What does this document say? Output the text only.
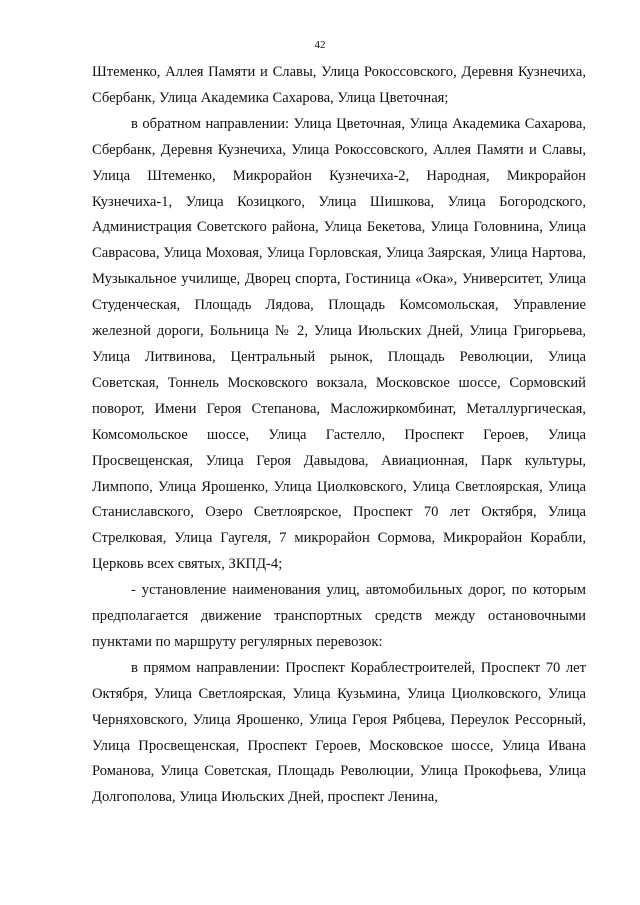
42

Штеменко, Аллея Памяти и Славы, Улица Рокоссовского, Деревня Кузнечиха, Сбербанк, Улица Академика Сахарова, Улица Цветочная;

в обратном направлении: Улица Цветочная, Улица Академика Сахарова, Сбербанк, Деревня Кузнечиха, Улица Рокоссовского, Аллея Памяти и Славы, Улица Штеменко, Микрорайон Кузнечиха-2, Народная, Микрорайон Кузнечиха-1, Улица Козицкого, Улица Шишкова, Улица Богородского, Администрация Советского района, Улица Бекетова, Улица Головнина, Улица Саврасова, Улица Моховая, Улица Горловская, Улица Заярская, Улица Нартова, Музыкальное училище, Дворец спорта, Гостиница «Ока», Университет, Улица Студенческая, Площадь Лядова, Площадь Комсомольская, Управление железной дороги, Больница № 2, Улица Июльских Дней, Улица Григорьева, Улица Литвинова, Центральный рынок, Площадь Революции, Улица Советская, Тоннель Московского вокзала, Московское шоссе, Сормовский поворот, Имени Героя Степанова, Масложиркомбинат, Металлургическая, Комсомольское шоссе, Улица Гастелло, Проспект Героев, Улица Просвещенская, Улица Героя Давыдова, Авиационная, Парк культуры, Лимпопо, Улица Ярошенко, Улица Циолковского, Улица Светлоярская, Улица Станиславского, Озеро Светлоярское, Проспект 70 лет Октября, Улица Стрелковая, Улица Гаугеля, 7 микрорайон Сормова, Микрорайон Корабли, Церковь всех святых, ЗКПД-4;

- установление наименования улиц, автомобильных дорог, по которым предполагается движение транспортных средств между остановочными пунктами по маршруту регулярных перевозок:

в прямом направлении: Проспект Кораблестроителей, Проспект 70 лет Октября, Улица Светлоярская, Улица Кузьмина, Улица Циолковского, Улица Черняховского, Улица Ярошенко, Улица Героя Рябцева, Переулок Рессорный, Улица Просвещенская, Проспект Героев, Московское шоссе, Улица Ивана Романова, Улица Советская, Площадь Революции, Улица Прокофьева, Улица Долгополова, Улица Июльских Дней, проспект Ленина,
